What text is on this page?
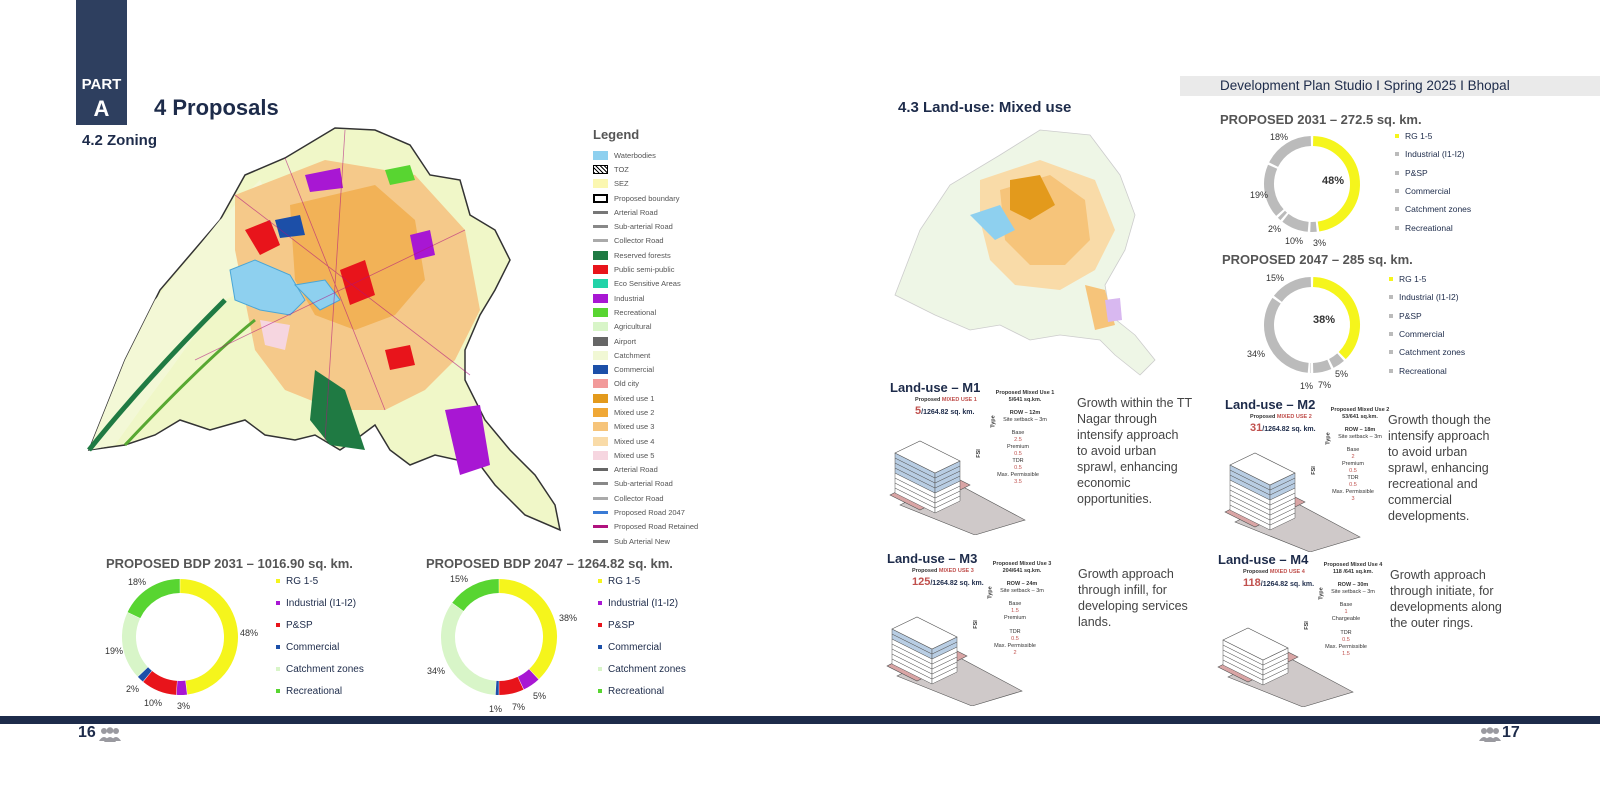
PART
A	4 Proposals
4.2 Zoning	Legend
Waterbodies
TOZ
SEZ
Proposed boundary
Arterial Road
Sub-arterial Road
Collector Road
Reserved forests
Public semi-public
Eco Sensitive Areas
Industrial
Recreational
Agricultural
Airport
Catchment
Commercial
Old city
Mixed use 1
Mixed use 2
Mixed use 3
Mixed use 4
Mixed use 5
Arterial Road
Sub-arterial Road
Collector Road
Proposed Road 2047
Proposed Road Retained
Sub Arterial New
PROPOSED BDP 2031 – 1016.90 sq. km.
48%
3%
10%
2%
19%
18%	RG 1-5
Industrial (I1-I2)
P&SP
Commercial
Catchment zones
Recreational
PROPOSED BDP 2047 – 1264.82 sq. km.
38%
5%
7%
1%
34%
15%	RG 1-5
Industrial (I1-I2)
P&SP
Commercial
Catchment zones
Recreational
Development Plan Studio I Spring 2025 I Bhopal
4.3 Land-use: Mixed use
PROPOSED 2031 – 272.5 sq. km.
48%
3%
10%
2%
19%
18%	RG 1-5
Industrial (I1-I2)
P&SP
Commercial
Catchment zones
Recreational
PROPOSED 2047 – 285 sq. km.
38%
5%
7%
1%
34%
15%	RG 1-5
Industrial (I1-I2)
P&SP
Commercial
Catchment zones
Recreational
Land-use – M1
Proposed MIXED USE 1
5/1264.82 sq. km.
Type
Proposed Mixed Use 1
5/641 sq.km.
ROW – 12m
Site setback – 3m
FSI
Base
2.5
Premium
0.5
TDR
0.5
Max. Permissible
3.5
Growth within the TT Nagar through intensify approach to avoid urban sprawl, enhancing economic opportunities.
Land-use – M2
Proposed MIXED USE 2
31/1264.82 sq. km.
Type
Proposed Mixed Use 2
53/641 sq.km.
ROW – 18m
Site setback – 3m
FSI
Base
2
Premium
0.5
TDR
0.5
Max. Permissible
3
Growth though the intensify approach to avoid urban sprawl, enhancing recreational and commercial developments.
Land-use – M3
Proposed MIXED USE 3
125/1264.82 sq. km.
Type
Proposed Mixed Use 3
204/641 sq.km.
ROW – 24m
Site setback – 3m
FSI
Base
1.5
Premium
TDR
0.5
Max. Permissible
2
Growth approach through infill, for developing services lands.
Land-use – M4
Proposed MIXED USE 4
118/1264.82 sq. km.
Type
Proposed Mixed Use 4
118 /641 sq.km.
ROW – 30m
Site setback – 3m
FSI
Base
1
Chargeable
TDR
0.5
Max. Permissible
1.5
Growth approach through initiate, for developments along the outer rings.
16	17
